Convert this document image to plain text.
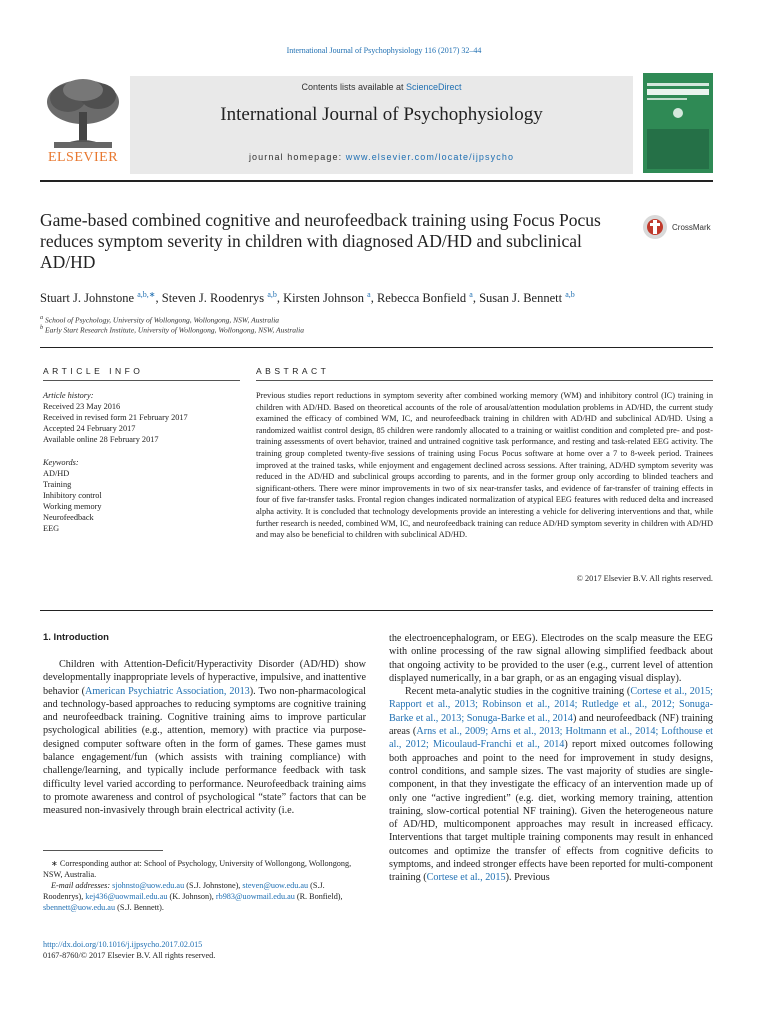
International Journal of Psychophysiology 116 (2017) 32–44
ELSEVIER
Contents lists available at ScienceDirect
International Journal of Psychophysiology
journal homepage: www.elsevier.com/locate/ijpsycho
Game-based combined cognitive and neurofeedback training using Focus Pocus reduces symptom severity in children with diagnosed AD/HD and subclinical AD/HD
CrossMark
Stuart J. Johnstone $^{a,b,∗}$, Steven J. Roodenrys $^{a,b}$, Kirsten Johnson $^a$, Rebecca Bonfield $^a$, Susan J. Bennett $^{a,b}$
$^a$ School of Psychology, University of Wollongong, Wollongong, NSW, Australia
$^b$ Early Start Research Institute, University of Wollongong, Wollongong, NSW, Australia
ARTICLE INFO	ABSTRACT
Article history:
Received 23 May 2016
Received in revised form 21 February 2017
Accepted 24 February 2017
Available online 28 February 2017
Keywords:
AD/HD
Training
Inhibitory control
Working memory
Neurofeedback
EEG
Previous studies report reductions in symptom severity after combined working memory (WM) and inhibitory control (IC) training in children with AD/HD. Based on theoretical accounts of the role of arousal/attention modulation problems in AD/HD, the current study examined the efficacy of combined WM, IC, and neurofeedback training in children with AD/HD and subclinical AD/HD. Using a randomized waitlist control design, 85 children were randomly allocated to a training or waitlist condition and completed pre- and post-training assessments of overt behavior, trained and untrained cognitive task performance, and resting and task-related EEG activity. The training group completed twenty-five sessions of training using Focus Pocus software at home over a 7 to 8-week period. Trainees improved at the trained tasks, while enjoyment and engagement declined across sessions. After training, AD/HD symptom severity was reduced in the AD/HD and subclinical groups according to parents, and in the former group only according to blinded teachers and significant-others. There were minor improvements in two of six near-transfer tasks, and evidence of far-transfer of training effects in four of five far-transfer tasks. Frontal region changes indicated normalization of atypical EEG features with reduced delta and increased alpha activity. It is concluded that technology developments provide an interesting a vehicle for delivering interventions and that, while further research is needed, combined WM, IC, and neurofeedback training can reduce AD/HD symptom severity in children with AD/HD and may also be beneficial to children with subclinical AD/HD.
© 2017 Elsevier B.V. All rights reserved.
1. Introduction

Children with Attention-Deficit/Hyperactivity Disorder (AD/HD) show developmentally inappropriate levels of hyperactive, impulsive, and inattentive behavior (American Psychiatric Association, 2013). Two non-pharmacological and technology-based approaches to reducing symptoms are cognitive training and neurofeedback training. Cognitive training aims to improve particular psychological abilities (e.g., attention, memory) with practice via purpose-designed computer software often in the form of games. These games must balance engagement/fun (which assists with training compliance) with challenge/learning, and typically include performance feedback with task difficulty level varied according to performance. Neurofeedback training aims to promote awareness and control of psychological “state” factors that can be measured non-invasively through brain electrical activity (i.e.

the electroencephalogram, or EEG). Electrodes on the scalp measure the EEG with online processing of the raw signal allowing simplified feedback about that ongoing activity to be provided to the user (e.g., current level of attention displayed numerically, in a bar graph, or as an engaging visual display).

Recent meta-analytic studies in the cognitive training (Cortese et al., 2015; Rapport et al., 2013; Robinson et al., 2014; Rutledge et al., 2012; Sonuga-Barke et al., 2013; Sonuga-Barke et al., 2014) and neurofeedback (NF) training areas (Arns et al., 2009; Arns et al., 2013; Holtmann et al., 2014; Lofthouse et al., 2012; Micoulaud-Franchi et al., 2014) report mixed outcomes following both approaches and point to the need for improvement in study designs, control conditions, and sample sizes. The vast majority of studies are single-component, in that they investigate the efficacy of an intervention made up of only one “active ingredient” (e.g. diet, working memory training, attention training, slow-cortical potential NF training). Given the heterogeneous nature of AD/HD, multicomponent approaches may result in increased efficacy. Interventions that target multiple training components may result in enhanced outcomes and optimize the transfer of effects from cognitive deficits to symptoms, and indeed stronger effects have been reported for multi-component training (Cortese et al., 2015). Previous

∗ Corresponding author at: School of Psychology, University of Wollongong, Wollongong, NSW, Australia.

E-mail addresses: sjohnsto@uow.edu.au (S.J. Johnstone), steven@uow.edu.au (S.J. Roodenrys), kej436@uowmail.edu.au (K. Johnson), rb983@uowmail.edu.au (R. Bonfield), sbennett@uow.edu.au (S.J. Bennett).

http://dx.doi.org/10.1016/j.ijpsycho.2017.02.015
0167-8760/© 2017 Elsevier B.V. All rights reserved.
